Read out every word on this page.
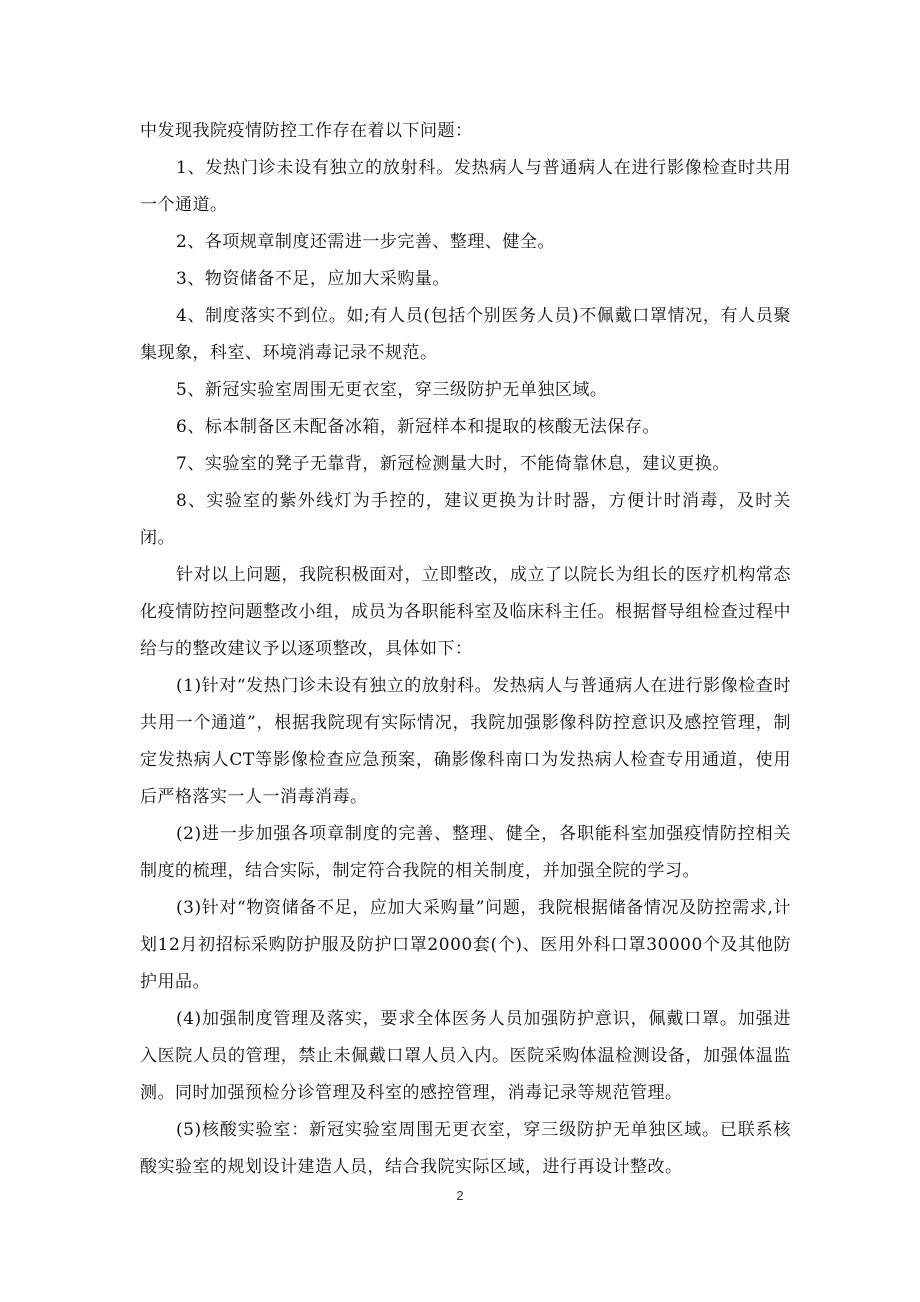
中发现我院疫情防控工作存在着以下问题：

1、发热门诊未设有独立的放射科。发热病人与普通病人在进行影像检查时共用一个通道。

2、各项规章制度还需进一步完善、整理、健全。

3、物资储备不足，应加大采购量。

4、制度落实不到位。如;有人员(包括个别医务人员)不佩戴口罩情况，有人员聚集现象，科室、环境消毒记录不规范。

5、新冠实验室周围无更衣室，穿三级防护无单独区域。

6、标本制备区未配备冰箱，新冠样本和提取的核酸无法保存。

7、实验室的凳子无靠背，新冠检测量大时，不能倚靠休息，建议更换。

8、实验室的紫外线灯为手控的，建议更换为计时器，方便计时消毒，及时关闭。

针对以上问题，我院积极面对，立即整改，成立了以院长为组长的医疗机构常态化疫情防控问题整改小组，成员为各职能科室及临床科主任。根据督导组检查过程中给与的整改建议予以逐项整改，具体如下：

(1)针对“发热门诊未设有独立的放射科。发热病人与普通病人在进行影像检查时共用一个通道”，根据我院现有实际情况，我院加强影像科防控意识及感控管理，制定发热病人CT等影像检查应急预案，确影像科南口为发热病人检查专用通道，使用后严格落实一人一消毒消毒。

(2)进一步加强各项章制度的完善、整理、健全，各职能科室加强疫情防控相关制度的梳理，结合实际，制定符合我院的相关制度，并加强全院的学习。

(3)针对“物资储备不足，应加大采购量”问题，我院根据储备情况及防控需求,计划12月初招标采购防护服及防护口罩2000套(个)、医用外科口罩30000个及其他防护用品。

(4)加强制度管理及落实，要求全体医务人员加强防护意识，佩戴口罩。加强进入医院人员的管理，禁止未佩戴口罩人员入内。医院采购体温检测设备，加强体温监测。同时加强预检分诊管理及科室的感控管理，消毒记录等规范管理。

(5)核酸实验室：新冠实验室周围无更衣室，穿三级防护无单独区域。已联系核酸实验室的规划设计建造人员，结合我院实际区域，进行再设计整改。

2
